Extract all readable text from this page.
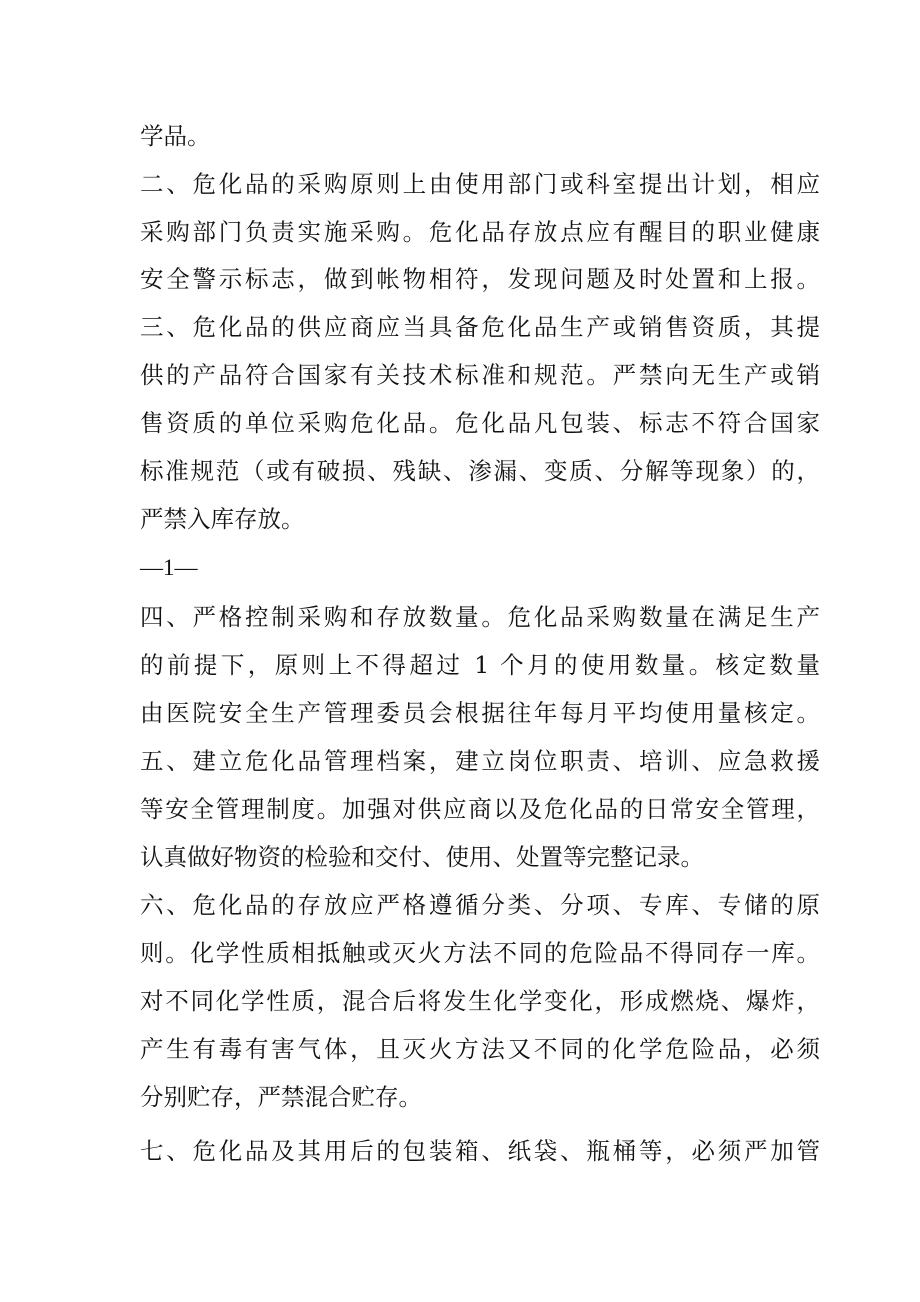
学品。
二、危化品的采购原则上由使用部门或科室提出计划，相应
采购部门负责实施采购。危化品存放点应有醒目的职业健康
安全警示标志，做到帐物相符，发现问题及时处置和上报。
三、危化品的供应商应当具备危化品生产或销售资质，其提
供的产品符合国家有关技术标准和规范。严禁向无生产或销
售资质的单位采购危化品。危化品凡包装、标志不符合国家
标准规范（或有破损、残缺、渗漏、变质、分解等现象）的，
严禁入库存放。
—1—
四、严格控制采购和存放数量。危化品采购数量在满足生产
的前提下，原则上不得超过 1 个月的使用数量。核定数量
由医院安全生产管理委员会根据往年每月平均使用量核定。
五、建立危化品管理档案，建立岗位职责、培训、应急救援
等安全管理制度。加强对供应商以及危化品的日常安全管理，
认真做好物资的检验和交付、使用、处置等完整记录。
六、危化品的存放应严格遵循分类、分项、专库、专储的原
则。化学性质相抵触或灭火方法不同的危险品不得同存一库。
对不同化学性质，混合后将发生化学变化，形成燃烧、爆炸，
产生有毒有害气体，且灭火方法又不同的化学危险品，必须
分别贮存，严禁混合贮存。
七、危化品及其用后的包装箱、纸袋、瓶桶等，必须严加管
